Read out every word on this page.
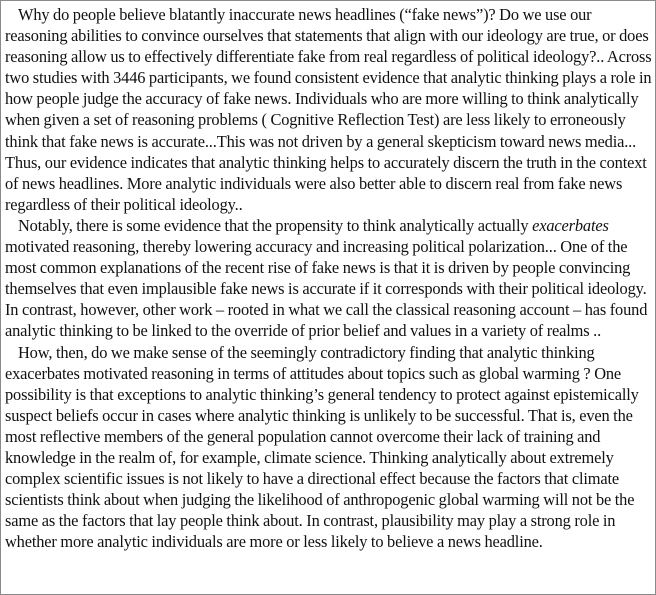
Why do people believe blatantly inaccurate news headlines (“fake news”)? Do we use our reasoning abilities to convince ourselves that statements that align with our ideology are true, or does reasoning allow us to effectively differentiate fake from real regardless of political ideology?.. Across two studies with 3446 participants, we found consistent evidence that analytic thinking plays a role in how people judge the accuracy of fake news. Individuals who are more willing to think analytically when given a set of reasoning problems ( Cognitive Reflection Test) are less likely to erroneously think that fake news is accurate...This was not driven by a general skepticism toward news media... Thus, our evidence indicates that analytic thinking helps to accurately discern the truth in the context of news headlines. More analytic individuals were also better able to discern real from fake news regardless of their political ideology..

Notably, there is some evidence that the propensity to think analytically actually exacerbates motivated reasoning, thereby lowering accuracy and increasing political polarization... One of the most common explanations of the recent rise of fake news is that it is driven by people convincing themselves that even implausible fake news is accurate if it corresponds with their political ideology. In contrast, however, other work – rooted in what we call the classical reasoning account – has found analytic thinking to be linked to the override of prior belief and values in a variety of realms ..

How, then, do we make sense of the seemingly contradictory finding that analytic thinking exacerbates motivated reasoning in terms of attitudes about topics such as global warming ? One possibility is that exceptions to analytic thinking’s general tendency to protect against epistemically suspect beliefs occur in cases where analytic thinking is unlikely to be successful. That is, even the most reflective members of the general population cannot overcome their lack of training and knowledge in the realm of, for example, climate science. Thinking analytically about extremely complex scientific issues is not likely to have a directional effect because the factors that climate scientists think about when judging the likelihood of anthropogenic global warming will not be the same as the factors that lay people think about. In contrast, plausibility may play a strong role in whether more analytic individuals are more or less likely to believe a news headline.
